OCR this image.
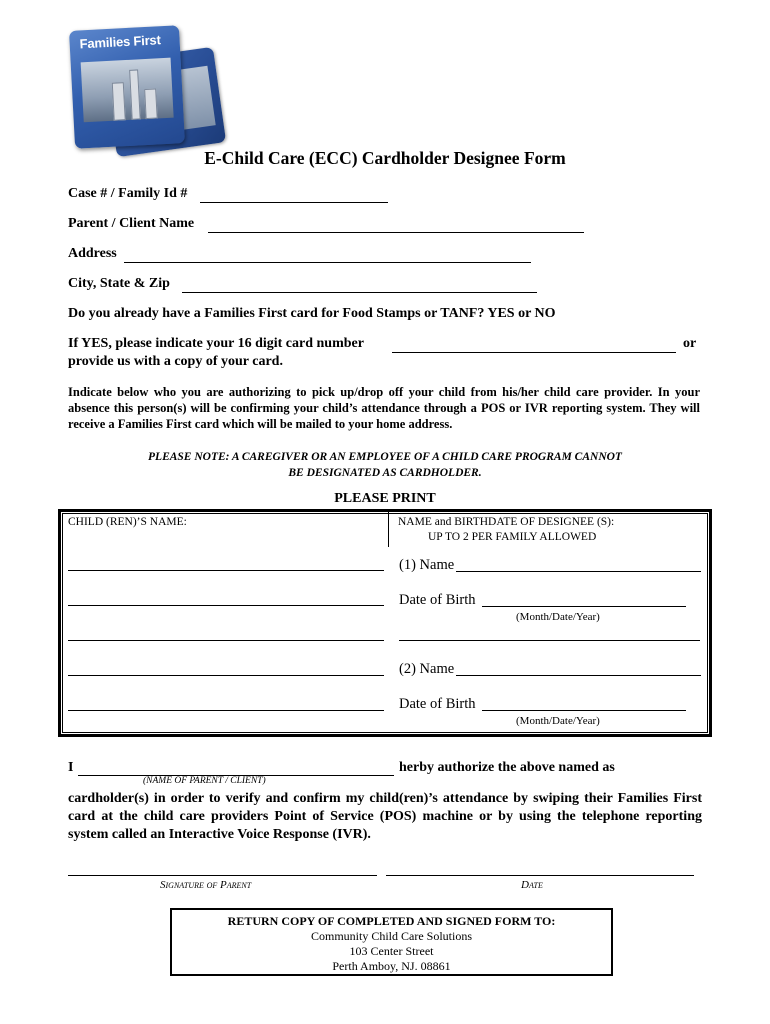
Families First
E-Child Care (ECC) Cardholder Designee Form
Case # / Family Id #
Parent / Client Name
Address
City, State & Zip
Do you already have a Families First card for Food Stamps or TANF? YES or NO
If YES, please indicate your 16 digit card number	or
provide us with a copy of your card.
Indicate below who you are authorizing to pick up/drop off your child from his/her child care provider. In your absence this person(s) will be confirming your child’s attendance through a POS or IVR reporting system. They will receive a Families First card which will be mailed to your home address.
PLEASE NOTE: A CAREGIVER OR AN EMPLOYEE OF A CHILD CARE PROGRAM CANNOT
BE DESIGNATED AS CARDHOLDER.
PLEASE PRINT
CHILD (REN)’S NAME:	NAME and BIRTHDATE OF DESIGNEE (S):
UP TO 2 PER FAMILY ALLOWED
(1) Name
Date of Birth
(Month/Date/Year)
(2) Name
Date of Birth
(Month/Date/Year)
I	herby authorize the above named as
(NAME OF PARENT / CLIENT)
cardholder(s) in order to verify and confirm my child(ren)’s attendance by swiping their Families First card at the child care providers Point of Service (POS) machine or by using the telephone reporting system called an Interactive Voice Response (IVR).
Signature of Parent	Date
RETURN COPY OF COMPLETED AND SIGNED FORM TO:
Community Child Care Solutions
103 Center Street
Perth Amboy, NJ. 08861
